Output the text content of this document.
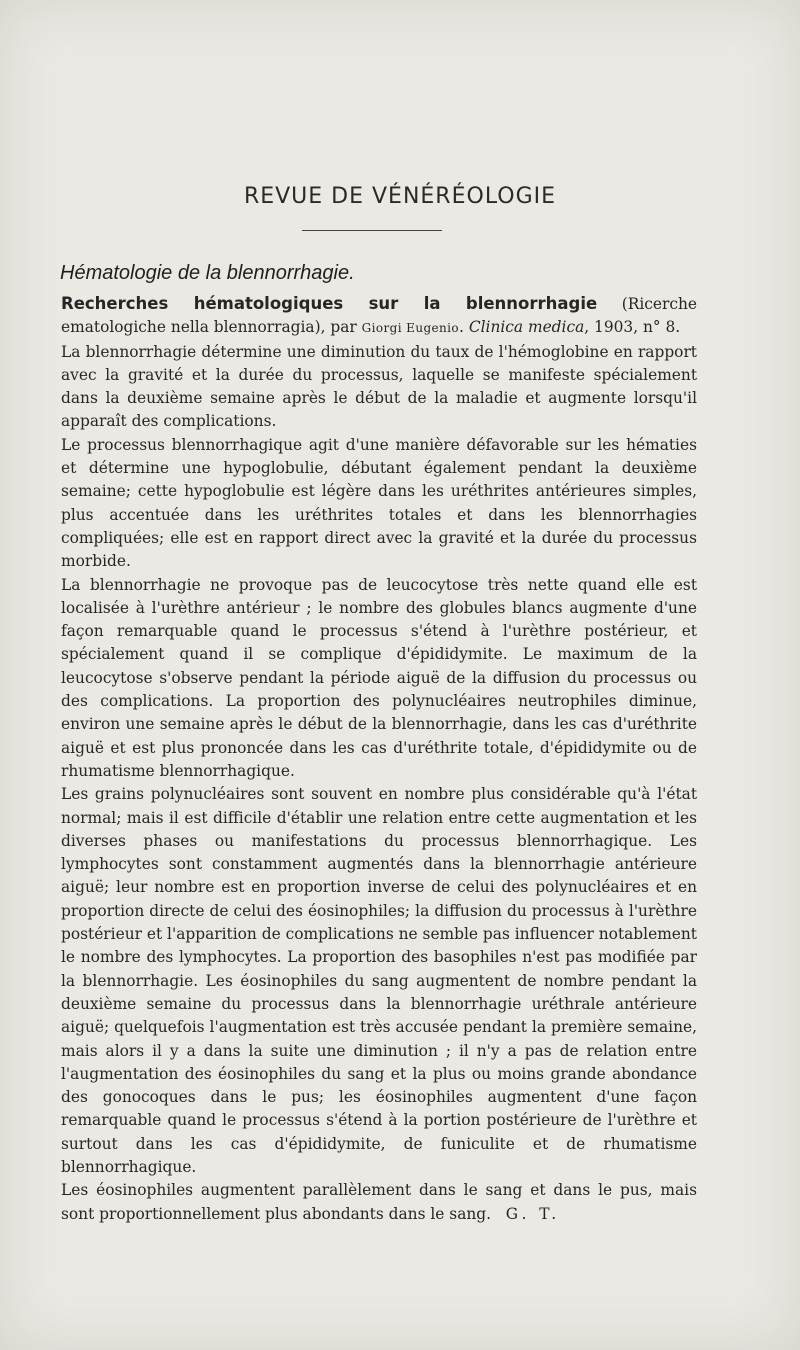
REVUE DE VÉNÉRÉOLOGIE
Hématologie de la blennorrhagie.

Recherches hématologiques sur la blennorrhagie (Ricerche ematologiche nella blennorragia), par Giorgi Eugenio. Clinica medica, 1903, n° 8.

La blennorrhagie détermine une diminution du taux de l'hémoglobine en rapport avec la gravité et la durée du processus, laquelle se manifeste spécialement dans la deuxième semaine après le début de la maladie et augmente lorsqu'il apparaît des complications.

Le processus blennorrhagique agit d'une manière défavorable sur les hématies et détermine une hypoglobulie, débutant également pendant la deuxième semaine; cette hypoglobulie est légère dans les uréthrites antérieures simples, plus accentuée dans les uréthrites totales et dans les blennorrhagies compliquées; elle est en rapport direct avec la gravité et la durée du processus morbide.

La blennorrhagie ne provoque pas de leucocytose très nette quand elle est localisée à l'urèthre antérieur ; le nombre des globules blancs augmente d'une façon remarquable quand le processus s'étend à l'urèthre postérieur, et spécialement quand il se complique d'épididymite. Le maximum de la leucocytose s'observe pendant la période aiguë de la diffusion du processus ou des complications. La proportion des polynucléaires neutrophiles diminue, environ une semaine après le début de la blennorrhagie, dans les cas d'uréthrite aiguë et est plus prononcée dans les cas d'uréthrite totale, d'épididymite ou de rhumatisme blennorrhagique.

Les grains polynucléaires sont souvent en nombre plus considérable qu'à l'état normal; mais il est difficile d'établir une relation entre cette augmentation et les diverses phases ou manifestations du processus blennorrhagique. Les lymphocytes sont constamment augmentés dans la blennorrhagie antérieure aiguë; leur nombre est en proportion inverse de celui des polynucléaires et en proportion directe de celui des éosinophiles; la diffusion du processus à l'urèthre postérieur et l'apparition de complications ne semble pas influencer notablement le nombre des lymphocytes. La proportion des basophiles n'est pas modifiée par la blennorrhagie. Les éosinophiles du sang augmentent de nombre pendant la deuxième semaine du processus dans la blennorrhagie uréthrale antérieure aiguë; quelquefois l'augmentation est très accusée pendant la première semaine, mais alors il y a dans la suite une diminution ; il n'y a pas de relation entre l'augmentation des éosinophiles du sang et la plus ou moins grande abondance des gonocoques dans le pus; les éosinophiles augmentent d'une façon remarquable quand le processus s'étend à la portion postérieure de l'urèthre et surtout dans les cas d'épididymite, de funiculite et de rhumatisme blennorrhagique.

Les éosinophiles augmentent parallèlement dans le sang et dans le pus, mais sont proportionnellement plus abondants dans le sang. G. T.
